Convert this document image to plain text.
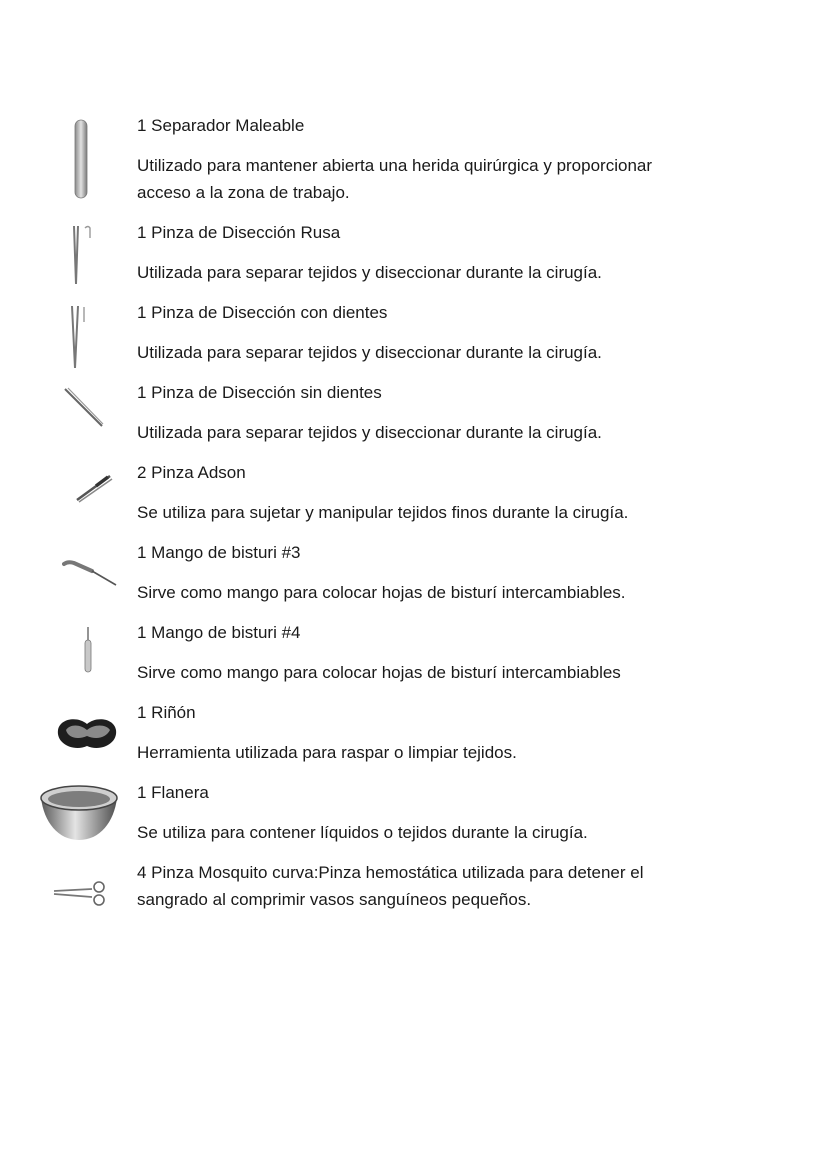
1 Separador Maleable

Utilizado para mantener abierta una herida quirúrgica y proporcionar acceso a la zona de trabajo.

1 Pinza de Disección Rusa

Utilizada para separar tejidos y diseccionar durante la cirugía.

1 Pinza de Disección con dientes

Utilizada para separar tejidos y diseccionar durante la cirugía.

1 Pinza de Disección sin dientes

Utilizada para separar tejidos y diseccionar durante la cirugía.

2 Pinza Adson

Se utiliza para sujetar y manipular tejidos finos durante la cirugía.

1 Mango de bisturi #3

Sirve como mango para colocar hojas de bisturí intercambiables.

1 Mango de bisturi #4

Sirve como mango para colocar hojas de bisturí intercambiables

1 Riñón

Herramienta utilizada para raspar o limpiar tejidos.

1 Flanera

Se utiliza para contener líquidos o tejidos durante la cirugía.

4 Pinza Mosquito curva:Pinza hemostática utilizada para detener el sangrado al comprimir vasos sanguíneos pequeños.
